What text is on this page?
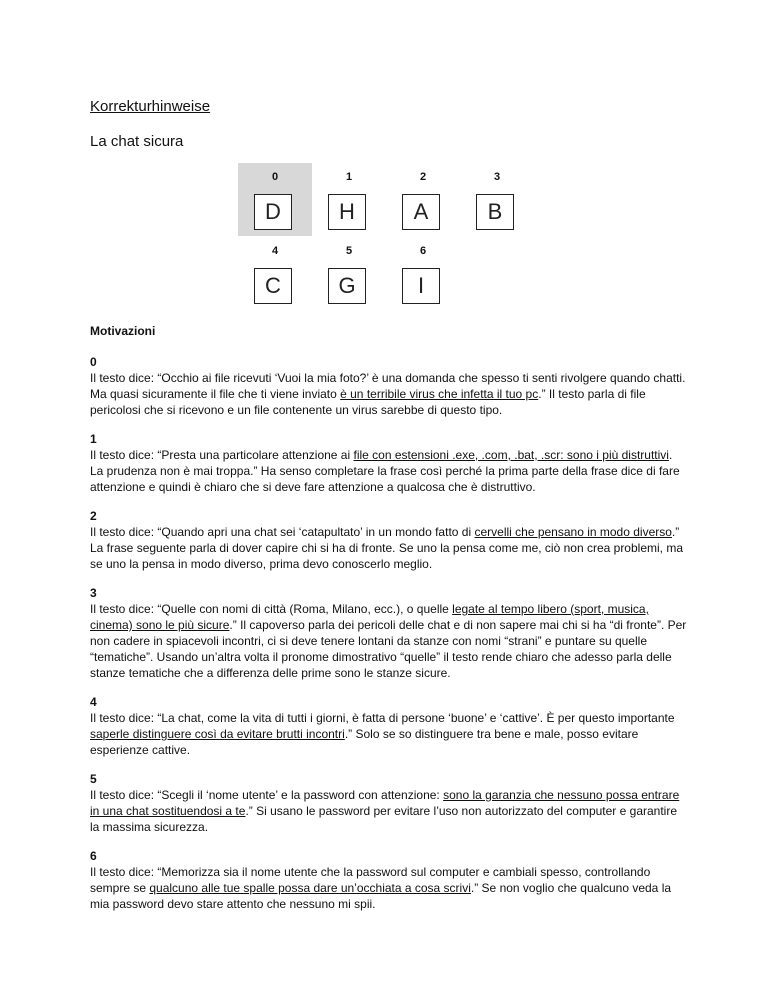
Korrekturhinweise
La chat sicura
0
D
1
H
2
A
3
B
4
C
5
G
6
I
Motivazioni
0

Il testo dice: “Occhio ai file ricevuti ‘Vuoi la mia foto?’ è una domanda che spesso ti senti rivolgere quando chatti. Ma quasi sicuramente il file che ti viene inviato è un terribile virus che infetta il tuo pc.” Il testo parla di file pericolosi che si ricevono e un file contenente un virus sarebbe di questo tipo.

1

Il testo dice: “Presta una particolare attenzione ai file con estensioni .exe, .com, .bat, .scr: sono i più distruttivi. La prudenza non è mai troppa.” Ha senso completare la frase così perché la prima parte della frase dice di fare attenzione e quindi è chiaro che si deve fare attenzione a qualcosa che è distruttivo.

2

Il testo dice: “Quando apri una chat sei ‘catapultato’ in un mondo fatto di cervelli che pensano in modo diverso.” La frase seguente parla di dover capire chi si ha di fronte. Se uno la pensa come me, ciò non crea problemi, ma se uno la pensa in modo diverso, prima devo conoscerlo meglio.

3

Il testo dice: “Quelle con nomi di città (Roma, Milano, ecc.), o quelle legate al tempo libero (sport, musica, cinema) sono le più sicure.” Il capoverso parla dei pericoli delle chat e di non sapere mai chi si ha “di fronte”. Per non cadere in spiacevoli incontri, ci si deve tenere lontani da stanze con nomi “strani” e puntare su quelle “tematiche”. Usando un’altra volta il pronome dimostrativo “quelle” il testo rende chiaro che adesso parla delle stanze tematiche che a differenza delle prime sono le stanze sicure.

4

Il testo dice: “La chat, come la vita di tutti i giorni, è fatta di persone ‘buone’ e ‘cattive’. È per questo importante saperle distinguere così da evitare brutti incontri.” Solo se so distinguere tra bene e male, posso evitare esperienze cattive.

5

Il testo dice: “Scegli il ‘nome utente’ e la password con attenzione: sono la garanzia che nessuno possa entrare in una chat sostituendosi a te.” Si usano le password per evitare l’uso non autorizzato del computer e garantire la massima sicurezza.

6

Il testo dice: “Memorizza sia il nome utente che la password sul computer e cambiali spesso, controllando sempre se qualcuno alle tue spalle possa dare un’occhiata a cosa scrivi.” Se non voglio che qualcuno veda la mia password devo stare attento che nessuno mi spii.
